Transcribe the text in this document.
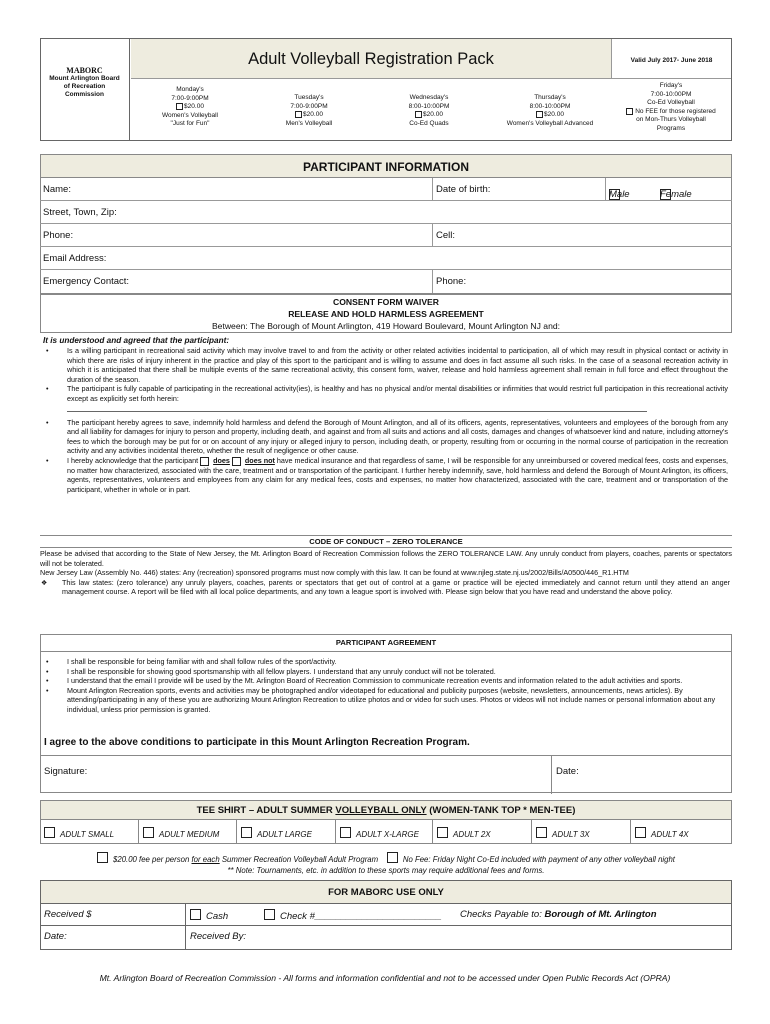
MABORC
Mount Arlington Board of Recreation Commission
Adult Volleyball Registration Pack	Valid July 2017- June 2018
Monday's
7:00-9:00PM
$20.00
Women's Volleyball
"Just for Fun"
Tuesday's
7:00-9:00PM
$20.00
Men's Volleyball
Wednesday's
8:00-10:00PM
$20.00
Co-Ed Quads
Thursday's
8:00-10:00PM
$20.00
Women's Volleyball Advanced
Friday's
7:00-10:00PM
Co-Ed Volleyball
No FEE for those registered
on Mon-Thurs Volleyball
Programs
PARTICIPANT INFORMATION
Name:	Date of birth:	Male	Female
Street, Town, Zip:
Phone:	Cell:
Email Address:
Emergency Contact:	Phone:
CONSENT FORM WAIVER
RELEASE AND HOLD HARMLESS AGREEMENT
Between: The Borough of Mount Arlington, 419 Howard Boulevard, Mount Arlington NJ and:
It is understood and agreed that the participant:
• Is a willing participant in recreational said activity which may involve travel to and from the activity or other related activities incidental to participation, all of which may result in physical contact or activity in which there are risks of injury inherent in the practice and play of this sport to the participant and is willing to assume and does in fact assume all such risks. In the case of a seasonal recreation activity in which it is anticipated that there shall be multiple events of the same recreational activity, this consent form, waiver, release and hold harmless agreement shall remain in full force and effect throughout the duration of the season.
• The participant is fully capable of participating in the recreational activity(ies), is healthy and has no physical and/or mental disabilities or infirmities that would restrict full participation in this recreational activity except as explicitly set forth herein:
• The participant hereby agrees to save, indemnify hold harmless and defend the Borough of Mount Arlington, and all of its officers, agents, representatives, volunteers and employees of the borough from any and all liability for damages for injury to person and property, including death, and against and from all suits and actions and all costs, damages and changes of whatsoever kind and nature, including attorney's fees to which the borough may be put for or on account of any injury or alleged injury to person, including death, or property, resulting from or occurring in the normal course of participation in the recreation activity and any activities incidental thereto, whether the result of negligence or other cause.
• I hereby acknowledge that the participant does does not have medical insurance and that regardless of same, I will be responsible for any unreimbursed or covered medical fees, costs and expenses, no matter how characterized, associated with the care, treatment and or transportation of the participant. I further hereby indemnify, save, hold harmless and defend the Borough of Mount Arlington, its officers, agents, representatives, volunteers and employees from any claim for any medical fees, costs and expenses, no matter how characterized, associated with the care, treatment and or transportation of the participant, whether in whole or in part.
CODE OF CONDUCT – ZERO TOLERANCE
Please be advised that according to the State of New Jersey, the Mt. Arlington Board of Recreation Commission follows the ZERO TOLERANCE LAW. Any unruly conduct from players, coaches, parents or spectators will not be tolerated.
New Jersey Law (Assembly No. 446) states: Any (recreation) sponsored programs must now comply with this law. It can be found at www.njleg.state.nj.us/2002/Bills/A0500/446_R1.HTM
❖ This law states: (zero tolerance) any unruly players, coaches, parents or spectators that get out of control at a game or practice will be ejected immediately and cannot return until they attend an anger management course. A report will be filed with all local police departments, and any town a league sport is involved with. Please sign below that you have read and understand the above policy.
PARTICIPANT AGREEMENT
• I shall be responsible for being familiar with and shall follow rules of the sport/activity.
• I shall be responsible for showing good sportsmanship with all fellow players. I understand that any unruly conduct will not be tolerated.
• I understand that the email I provide will be used by the Mt. Arlington Board of Recreation Commission to communicate recreation events and information related to the adult activities and sports.
• Mount Arlington Recreation sports, events and activities may be photographed and/or videotaped for educational and publicity purposes (website, newsletters, announcements, news articles). By attending/participating in any of these you are authorizing Mount Arlington Recreation to utilize photos and or video for such uses. Photos or videos will not include names or personal information about any individual, unless prior permission is granted.
I agree to the above conditions to participate in this Mount Arlington Recreation Program.
Signature:	Date:
TEE SHIRT – ADULT SUMMER VOLLEYBALL ONLY (WOMEN-TANK TOP * MEN-TEE)
ADULT SMALL	ADULT MEDIUM	ADULT LARGE	ADULT X-LARGE	ADULT 2X	ADULT 3X	ADULT 4X
$20.00 fee per person for each Summer Recreation Volleyball Adult Program	No Fee: Friday Night Co-Ed included with payment of any other volleyball night
** Note: Tournaments, etc. in addition to these sports may require additional fees and forms.
FOR MABORC USE ONLY
Received $	Cash	Check #________________________ Checks Payable to: Borough of Mt. Arlington
Date:	Received By:
Mt. Arlington Board of Recreation Commission - All forms and information confidential and not to be accessed under Open Public Records Act (OPRA)
